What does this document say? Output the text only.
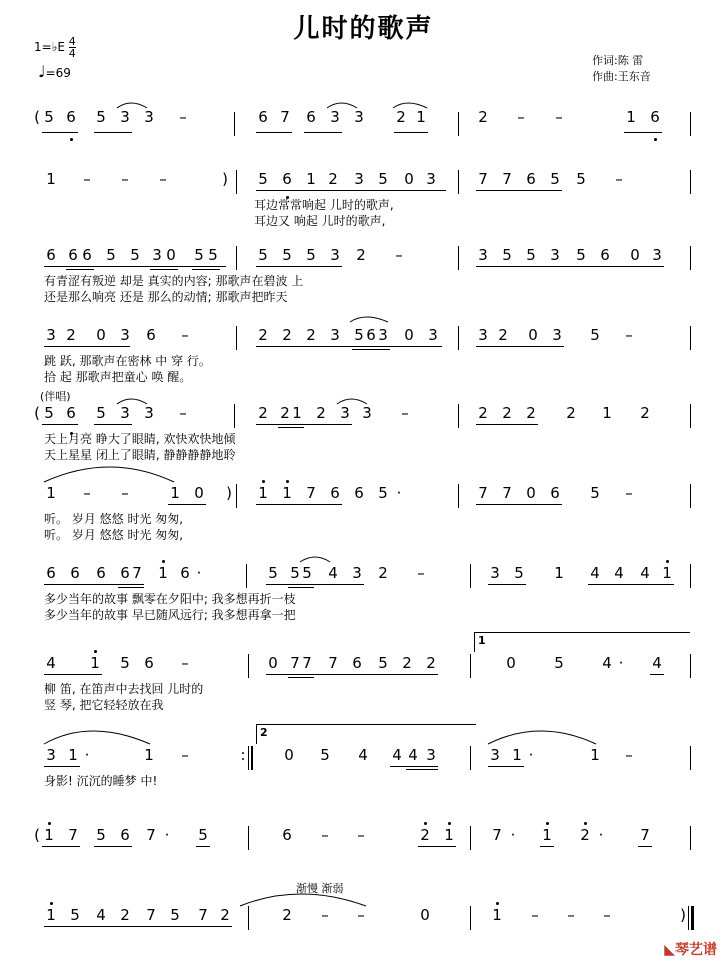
儿时的歌声
1=♭E $\frac{4}{4}$
♩=69
作词:陈 雷
作曲:王东音
( 5 6 5 3 3 –	6 7 6 3 3 2 1	2 – –	1 6
1 – – –	) 5 6 1 2 3 5 0 3	7 7 6 5 5 –
耳边常常响起 儿时的歌声,
耳边又 响起 儿时的歌声,
6 6 6 5 5 3 0 5 5	5 5 5 3 2 –	3 5 5 3 5 6 0 3
有青涩有叛逆 却是 真实的内容; 那歌声在碧波 上
还是那么响亮 还是 那么的动情; 那歌声把昨天
3 2 0 3 6 –	2 2 2 3 5 6 3 0 3	3 2 0 3 5 –
跳 跃, 那歌声在密林 中 穿 行。
拾 起 那歌声把童心 唤 醒。
(伴唱)
( 5 6 5 3 3 –	2 2 1 2 3 3 –	2 2 2 2 1 2
天上月亮 睁大了眼睛, 欢快欢快地倾
天上星星 闭上了眼睛, 静静静静地聆
1 – –	1 0 ) 1 1 7 6 6 5 ·	7 7 0 6 5 –
听。 岁月 悠悠 时光 匆匆,
听。 岁月 悠悠 时光 匆匆,
6 6 6 6 7 1 6 ·	5 5 5 4 3 2 –	3 5 1 4 4 4 1
多少当年的故事 飘零在夕阳中; 我多想再折一枝
多少当年的故事 早已随风远行; 我多想再拿一把
1
4 1 5 6 –	0 7 7 7 6 5 2 2	0	5	4 ·	4
柳 笛, 在笛声中去找回 儿时的
竖 琴, 把它轻轻放在我
2
3 1 ·	1 –	:	0 5 4 4 4 3	3 1 ·	1 –
身影! 沉沉的睡梦 中!
( 1 7 5 6 7 ·	5	6 – –	2 1	7 ·	1 2 ·	7
渐慢 渐弱
1 5 4 2 7 5 7 2	2 – –	0	1 – – –	)
◣琴艺谱
